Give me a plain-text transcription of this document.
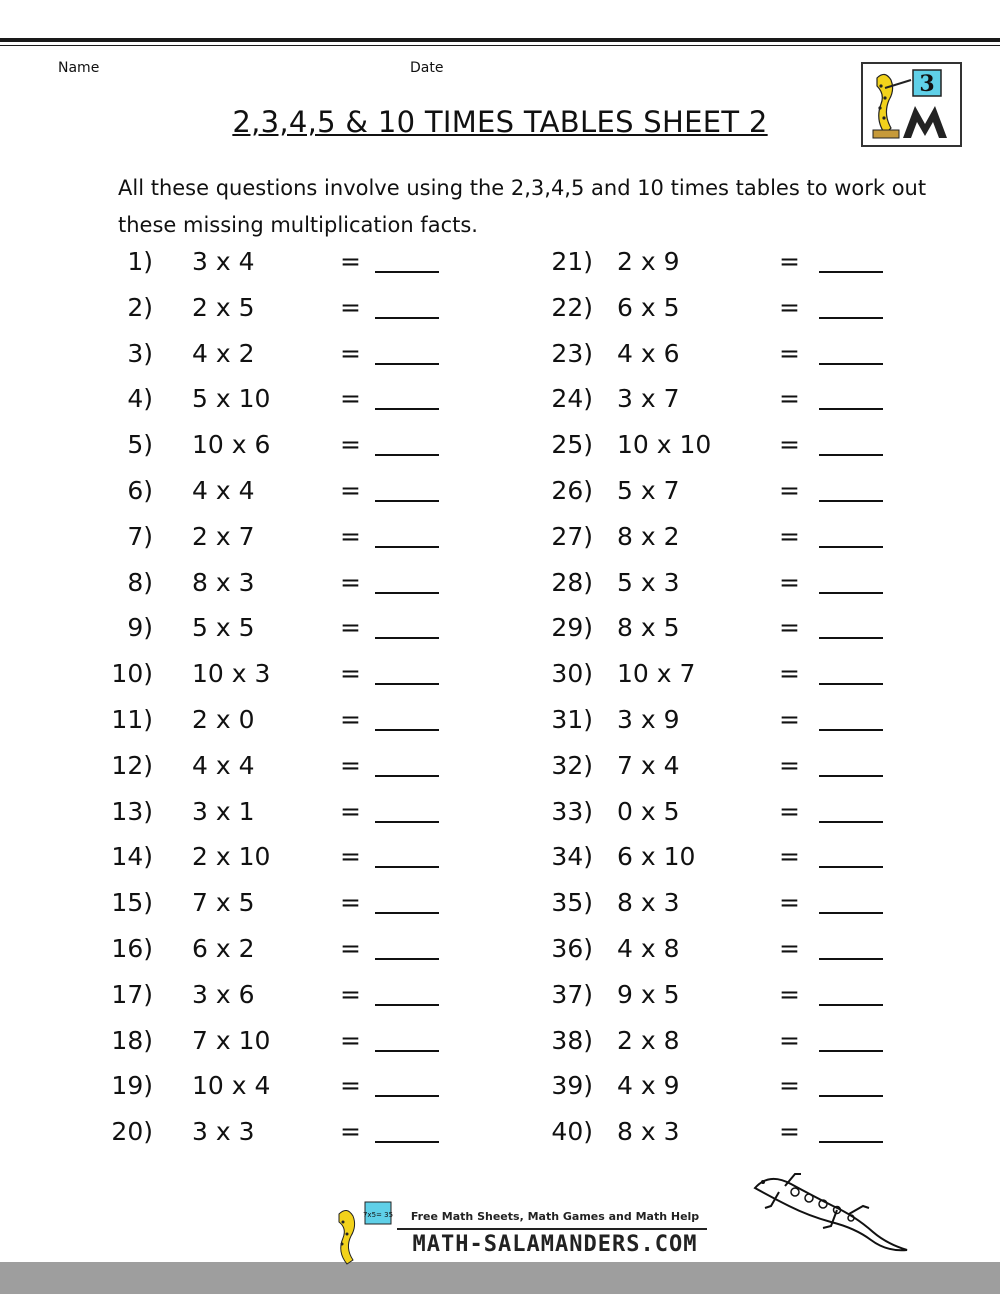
Name	Date
2,3,4,5 & 10 TIMES TABLES SHEET 2
3
All these questions involve using the 2,3,4,5 and 10 times tables to work out these missing multiplication facts.
1) 3 x 4	=
2) 2 x 5	=
3) 4 x 2	=
4) 5 x 10	=
5) 10 x 6	=
6) 4 x 4	=
7) 2 x 7	=
8) 8 x 3	=
9) 5 x 5	=
10) 10 x 3	=
11) 2 x 0	=
12) 4 x 4	=
13) 3 x 1	=
14) 2 x 10	=
15) 7 x 5	=
16) 6 x 2	=
17) 3 x 6	=
18) 7 x 10	=
19) 10 x 4	=
20) 3 x 3	=
21) 2 x 9	=
22) 6 x 5	=
23) 4 x 6	=
24) 3 x 7	=
25) 10 x 10	=
26) 5 x 7	=
27) 8 x 2	=
28) 5 x 3	=
29) 8 x 5	=
30) 10 x 7	=
31) 3 x 9	=
32) 7 x 4	=
33) 0 x 5	=
34) 6 x 10	=
35) 8 x 3	=
36) 4 x 8	=
37) 9 x 5	=
38) 2 x 8	=
39) 4 x 9	=
40) 8 x 3	=
7x5= 35	Free Math Sheets, Math Games and Math Help
MATH-SALAMANDERS.COM
